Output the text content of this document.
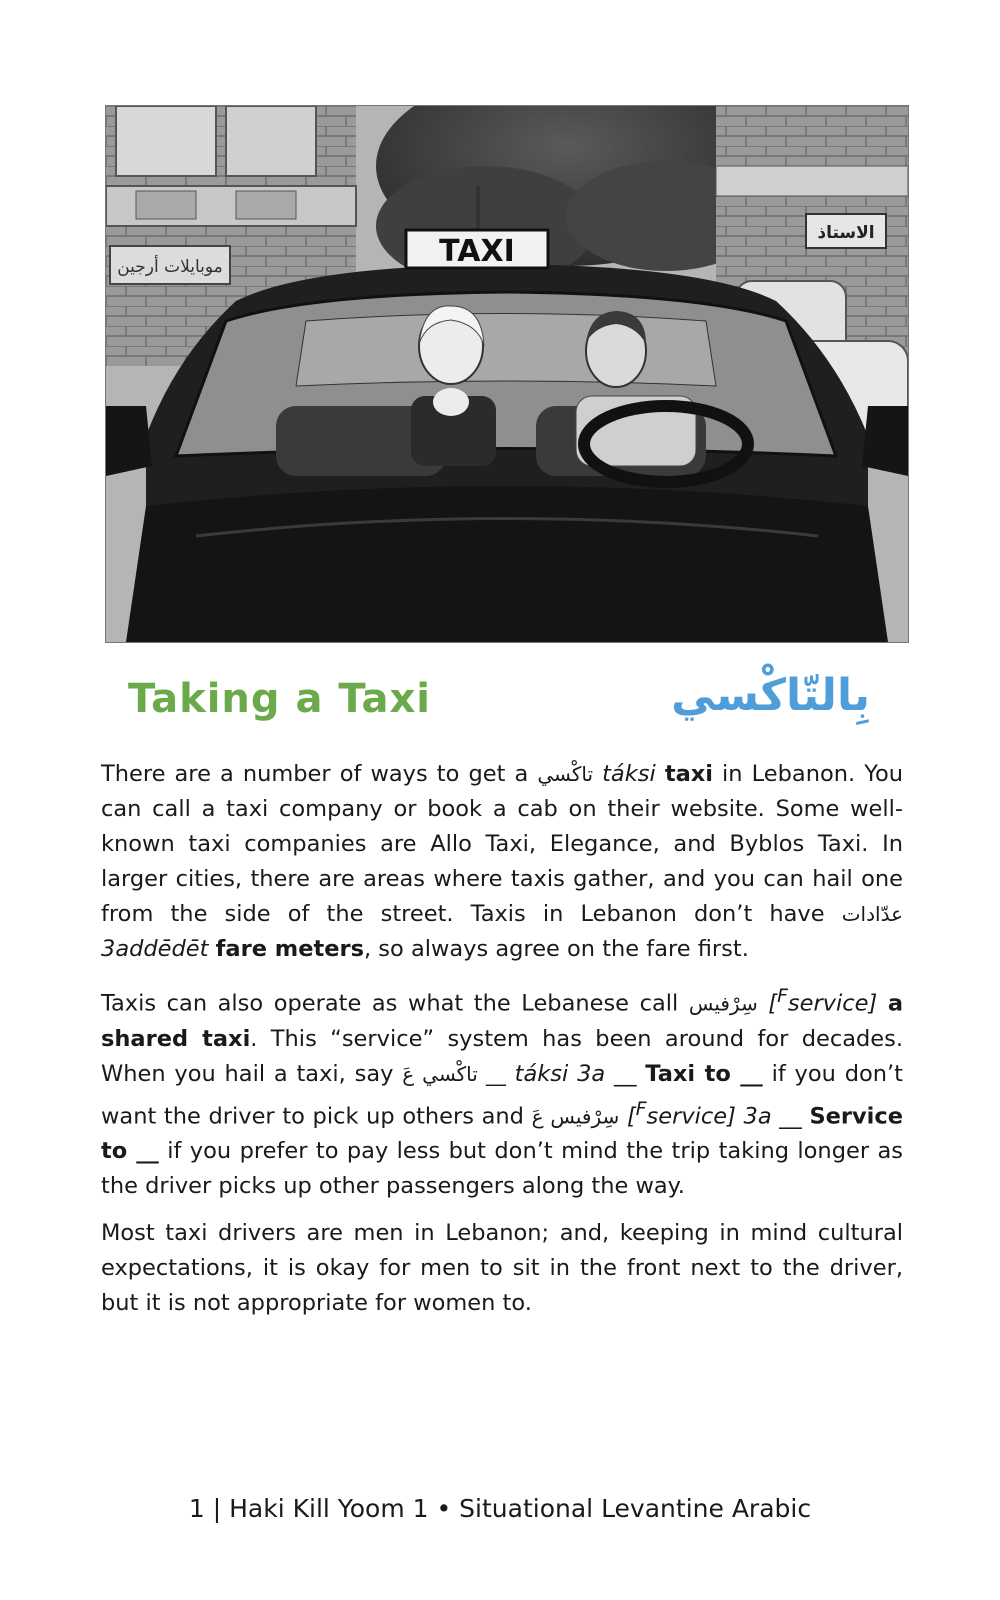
موبايلات أرجين
الاستاذ
TAXI
Taking a Taxi	بِالتّاكْسي

There are a number of ways to get a تاكْسي táksi taxi in Lebanon. You can call a taxi company or book a cab on their website. Some well-known taxi companies are Allo Taxi, Elegance, and Byblos Taxi. In larger cities, there are areas where taxis gather, and you can hail one from the side of the street. Taxis in Lebanon don’t have عدّادات 3addēdēt fare meters, so always agree on the fare first.

Taxis can also operate as what the Lebanese call سِرْفيس [$^F$service] a shared taxi. This “service” system has been around for decades. When you hail a taxi, say __ تاكْسي عَ táksi 3a __ Taxi to __ if you don’t want the driver to pick up others and سِرْفيس عَ [$^F$service] 3a __ Service to __ if you prefer to pay less but don’t mind the trip taking longer as the driver picks up other passengers along the way.

Most taxi drivers are men in Lebanon; and, keeping in mind cultural expectations, it is okay for men to sit in the front next to the driver, but it is not appropriate for women to.

1 | Haki Kill Yoom 1 • Situational Levantine Arabic
